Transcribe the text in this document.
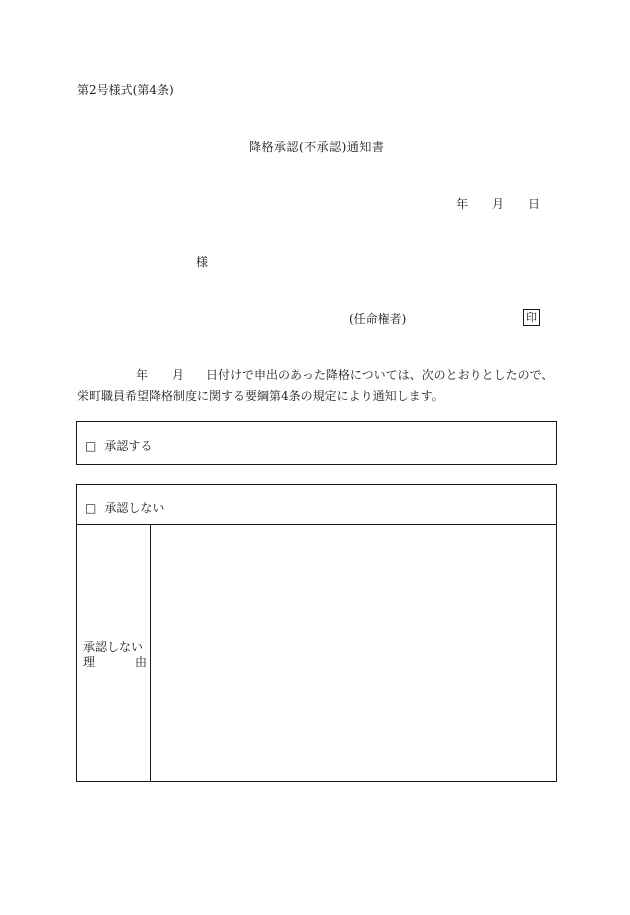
第2号様式(第4条)
降格承認(不承認)通知書
年 月 日
様
(任命権者)	印
年 月 日付けで申出のあった降格については、次のとおりとしたので、
栄町職員希望降格制度に関する要綱第4条の規定により通知します。
□ 承認する
□ 承認しない
承認しない
理	由
